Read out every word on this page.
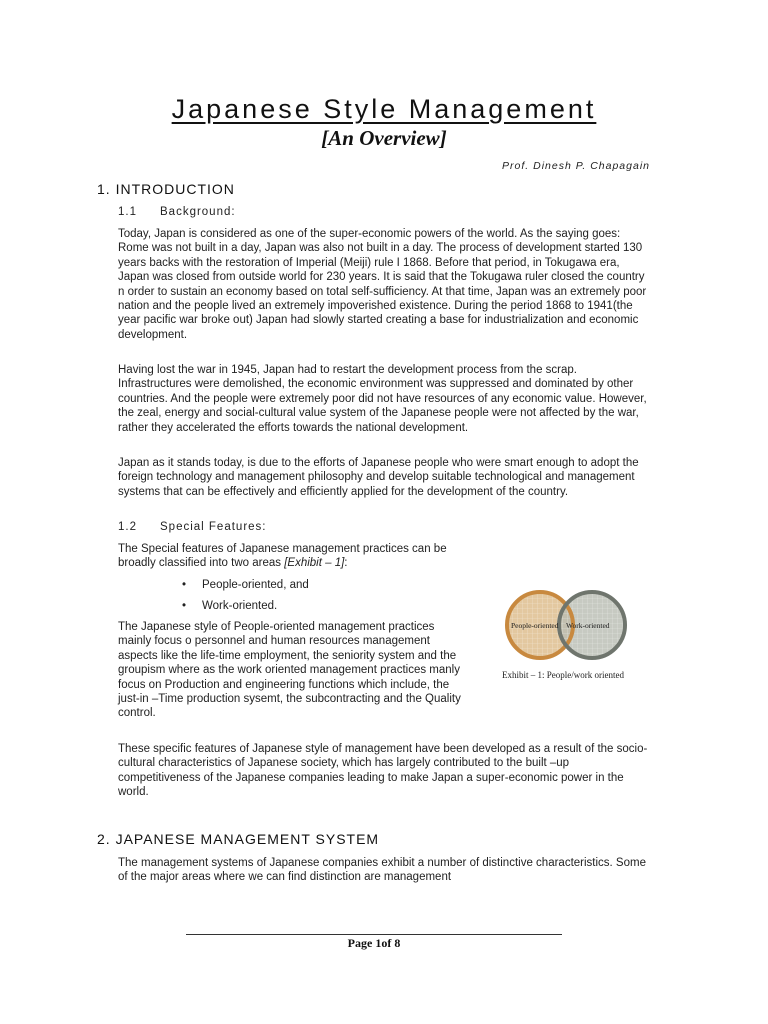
Japanese Style Management
[An Overview]
Prof. Dinesh P. Chapagain
1. INTRODUCTION
1.1 Background:

Today, Japan is considered as one of the super-economic powers of the world. As the saying goes: Rome was not built in a day, Japan was also not built in a day. The process of development started 130 years backs with the restoration of Imperial (Meiji) rule I 1868. Before that period, in Tokugawa era, Japan was closed from outside world for 230 years. It is said that the Tokugawa ruler closed the country n order to sustain an economy based on total self-sufficiency. At that time, Japan was an extremely poor nation and the people lived an extremely impoverished existence. During the period 1868 to 1941(the year pacific war broke out) Japan had slowly started creating a base for industrialization and economic development.

Having lost the war in 1945, Japan had to restart the development process from the scrap. Infrastructures were demolished, the economic environment was suppressed and dominated by other countries. And the people were extremely poor did not have resources of any economic value. However, the zeal, energy and social-cultural value system of the Japanese people were not affected by the war, rather they accelerated the efforts towards the national development.

Japan as it stands today, is due to the efforts of Japanese people who were smart enough to adopt the foreign technology and management philosophy and develop suitable technological and management systems that can be effectively and efficiently applied for the development of the country.

1.2 Special Features:

The Special features of Japanese management practices can be broadly classified into two areas [Exhibit – 1]:

• People-oriented, and
• Work-oriented.

The Japanese style of People-oriented management practices mainly focus o personnel and human resources management aspects like the life-time employment, the seniority system and the groupism where as the work oriented management practices manly focus on Production and engineering functions which include, the just-in –Time production sysemt, the subcontracting and the Quality control.

People-oriented Work-oriented
Exhibit – 1: People/work oriented

These specific features of Japanese style of management have been developed as a result of the socio-cultural characteristics of Japanese society, which has largely contributed to the built –up competitiveness of the Japanese companies leading to make Japan a super-economic power in the world.

2. JAPANESE MANAGEMENT SYSTEM

The management systems of Japanese companies exhibit a number of distinctive characteristics. Some of the major areas where we can find distinction are management

Page 1of 8
